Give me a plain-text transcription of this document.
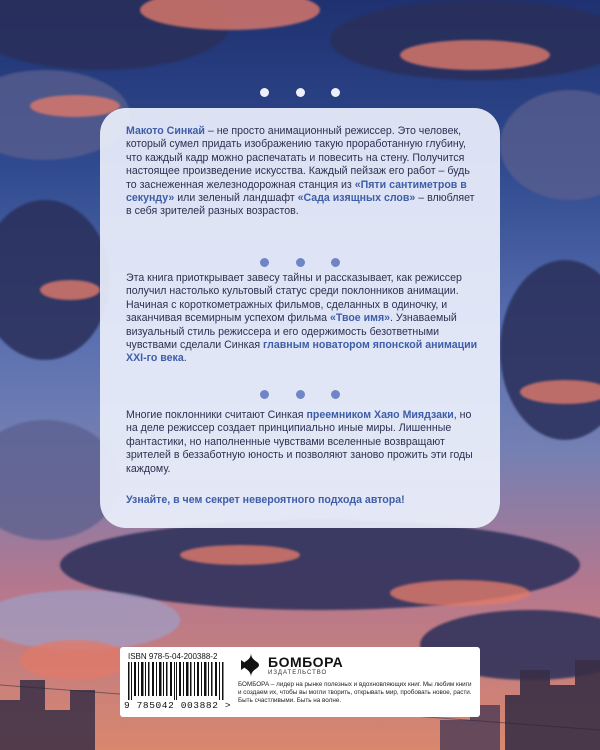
Макото Синкай – не просто анимационный режиссер. Это человек, который сумел придать изображению такую проработанную глубину, что каждый кадр можно распечатать и повесить на стену. Получится настоящее произведение искусства. Каждый пейзаж его работ – будь то заснеженная железнодорожная станция из «Пяти сантиметров в секунду» или зеленый ландшафт «Сада изящных слов» – влюбляет в себя зрителей разных возрастов.

Эта книга приоткрывает завесу тайны и рассказывает, как режиссер получил настолько культовый статус среди поклонников анимации. Начиная с короткометражных фильмов, сделанных в одиночку, и заканчивая всемирным успехом фильма «Твое имя». Узнаваемый визуальный стиль режиссера и его одержимость безответными чувствами сделали Синкая главным новатором японской анимации XXI-го века.

Многие поклонники считают Синкая преемником Хаяо Миядзаки, но на деле режиссер создает принципиально иные миры. Лишенные фантастики, но наполненные чувствами вселенные возвращают зрителей в беззаботную юность и позволяют заново прожить эти годы каждому.

Узнайте, в чем секрет невероятного подхода автора!

ISBN 978-5-04-200388-2
9 785042 003882 >
БОМБОРА
ИЗДАТЕЛЬСТВО

БОМБОРА – лидер на рынке полезных и вдохновляющих книг. Мы любим книги и создаем их, чтобы вы могли творить, открывать мир, пробовать новое, расти. Быть счастливыми. Быть на волне.
